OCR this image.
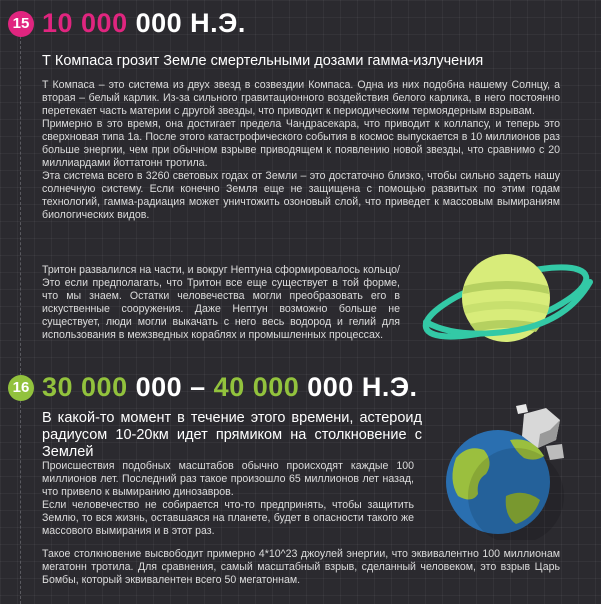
15 10 000 000 Н.Э.
Т Компаса грозит Земле смертельными дозами гамма-излучения

Т Компаса – это система из двух звезд в созвездии Компаса. Одна из них подобна нашему Солнцу, а вторая – белый карлик. Из-за сильного гравитационного воздействия белого карлика, в него постоянно перетекает часть материи с другой звезды, что приводит к периодическим термоядерным взрывам.

Примерно в это время, она достигает предела Чандрасекара, что приводит к коллапсу, и теперь это сверхновая типа 1а. После этого катастрофического события в космос выпускается в 10 миллионов раз больше энергии, чем при обычном взрыве приводящем к появлению новой звезды, что сравнимо с 20 миллиардами йоттатонн тротила.

Эта система всего в 3260 световых годах от Земли – это достаточно близко, чтобы сильно задеть нашу солнечную систему. Если конечно Земля еще не защищена с помощью развитых по этим годам технологий, гамма-радиация может уничтожить озоновый слой, что приведет к массовым вымираниям биологических видов.

Тритон развалился на части, и вокруг Нептуна сформировалось кольцо/ Это если предполагать, что Тритон все еще существует в той форме, что мы знаем. Остатки человечества могли преобразовать его в искуственные сооружения. Даже Нептун возможно больше не существует, люди могли выкачать с него весь водород и гелий для использования в межзведных кораблях и промышленных процессах.
16 30 000 000 – 40 000 000 Н.Э.
В какой-то момент в течение этого времени, астероид радиусом 10-20км идет прямиком на столкновение с Землей

Происшествия подобных масштабов обычно происходят каждые 100 миллионов лет. Последний раз такое произошло 65 миллионов лет назад, что привело к вымиранию динозавров.

Если человечество не собирается что-то предпринять, чтобы защитить Землю, то вся жизнь, оставшаяся на планете, будет в опасности такого же массового вымирания и в этот раз.

Такое столкновение высвободит примерно 4*10^23 джоулей энергии, что эквивалентно 100 миллионам мегатонн тротила. Для сравнения, самый масштабный взрыв, сделанный человеком, это взрыв Царь Бомбы, который эквивалентен всего 50 мегатоннам.
